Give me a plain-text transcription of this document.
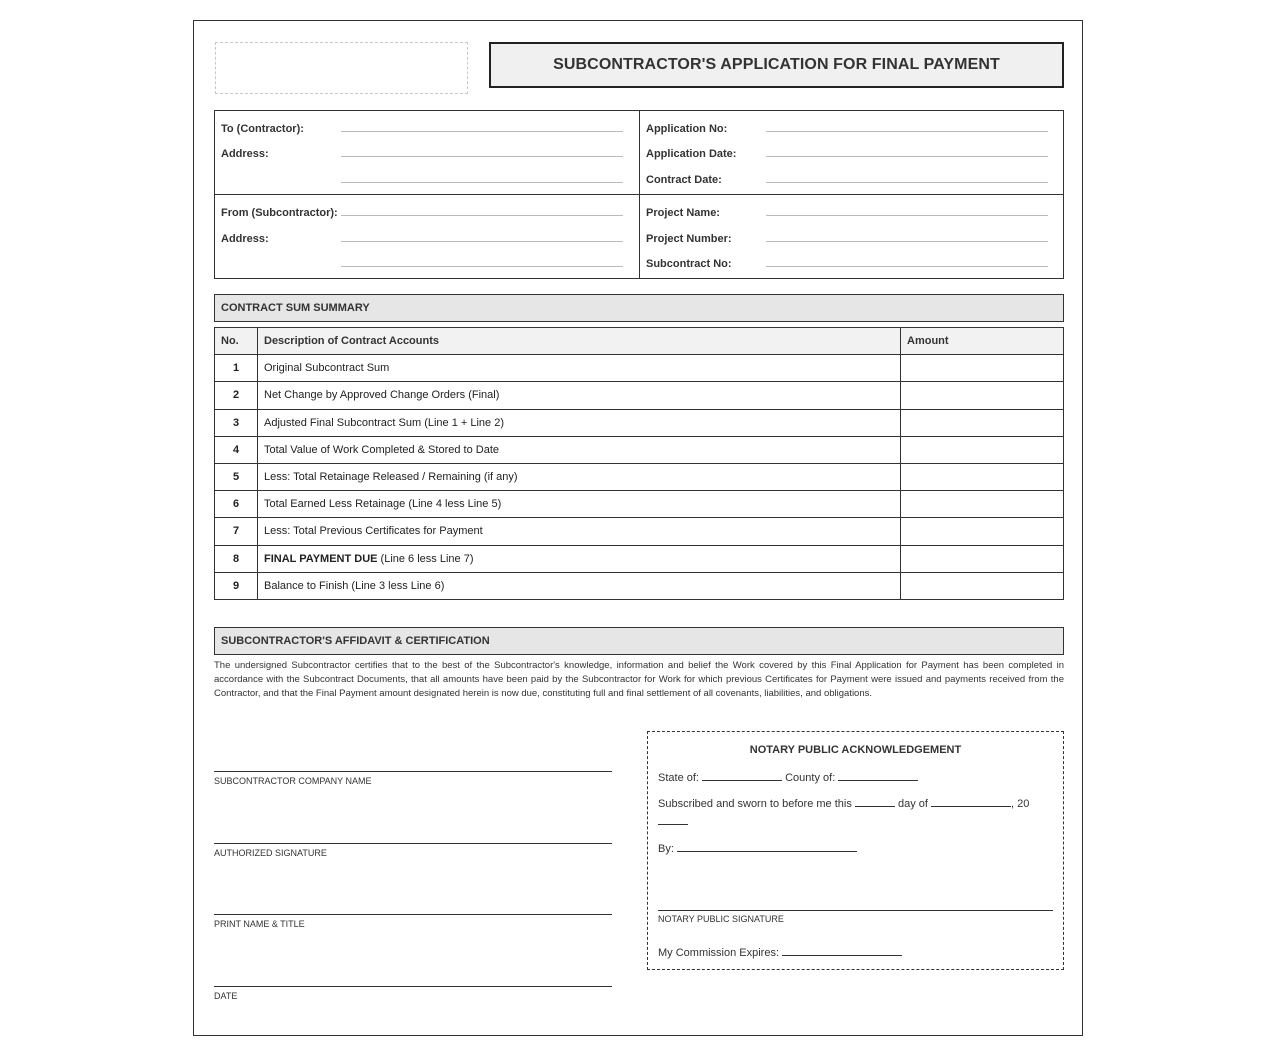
SUBCONTRACTOR'S APPLICATION FOR FINAL PAYMENT
To (Contractor):
Address:
From (Subcontractor):
Address:
Application No:
Application Date:
Contract Date:
Project Name:
Project Number:
Subcontract No:
CONTRACT SUM SUMMARY
No.	Description of Contract Accounts	Amount
1	Original Subcontract Sum	
2	Net Change by Approved Change Orders (Final)	
3	Adjusted Final Subcontract Sum (Line 1 + Line 2)	
4	Total Value of Work Completed & Stored to Date	
5	Less: Total Retainage Released / Remaining (if any)	
6	Total Earned Less Retainage (Line 4 less Line 5)	
7	Less: Total Previous Certificates for Payment	
8	FINAL PAYMENT DUE (Line 6 less Line 7)	
9	Balance to Finish (Line 3 less Line 6)	
SUBCONTRACTOR'S AFFIDAVIT & CERTIFICATION
The undersigned Subcontractor certifies that to the best of the Subcontractor's knowledge, information and belief the Work covered by this Final Application for Payment has been completed in accordance with the Subcontract Documents, that all amounts have been paid by the Subcontractor for Work for which previous Certificates for Payment were issued and payments received from the Contractor, and that the Final Payment amount designated herein is now due, constituting full and final settlement of all covenants, liabilities, and obligations.
SUBCONTRACTOR COMPANY NAME
AUTHORIZED SIGNATURE
PRINT NAME & TITLE
DATE
NOTARY PUBLIC ACKNOWLEDGEMENT
State of:	County of:
Subscribed and sworn to before me this	day of	, 20
By:
NOTARY PUBLIC SIGNATURE
My Commission Expires:
